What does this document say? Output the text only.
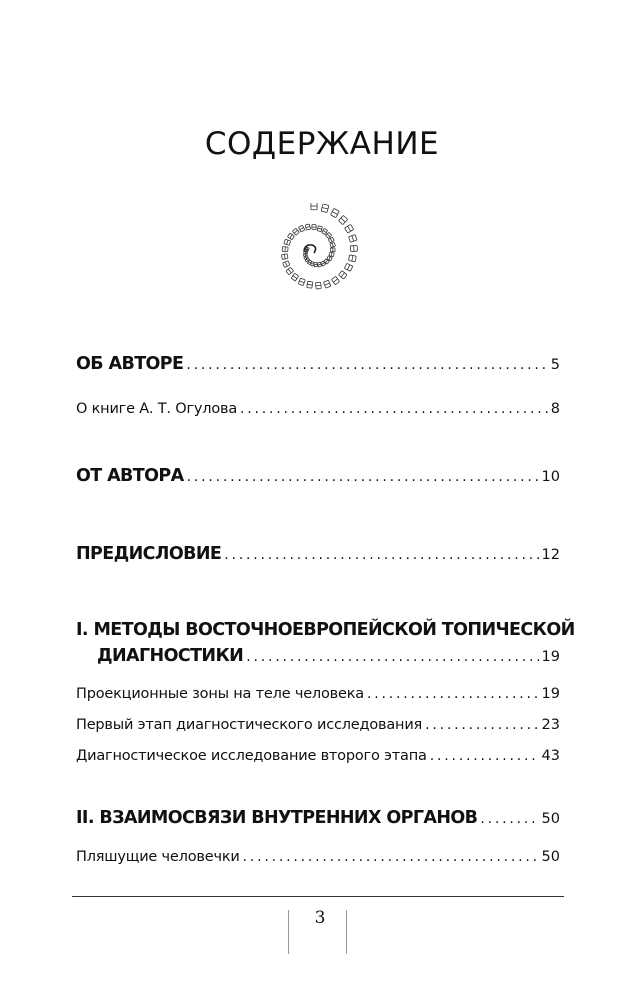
СОДЕРЖАНИЕ
ОБ АВТОРЕ .....	5
О книге А. Т. Огулова .....	8
ОТ АВТОРА .....	10
ПРЕДИСЛОВИЕ .....	12
I. МЕТОДЫ ВОСТОЧНОЕВРОПЕЙСКОЙ ТОПИЧЕСКОЙ
ДИАГНОСТИКИ .....	19
Проекционные зоны на теле человека .....	19
Первый этап диагностического исследования .....	23
Диагностическое исследование второго этапа .....	43
II. ВЗАИМОСВЯЗИ ВНУТРЕННИХ ОРГАНОВ .....	50
Пляшущие человечки .....	50
3
